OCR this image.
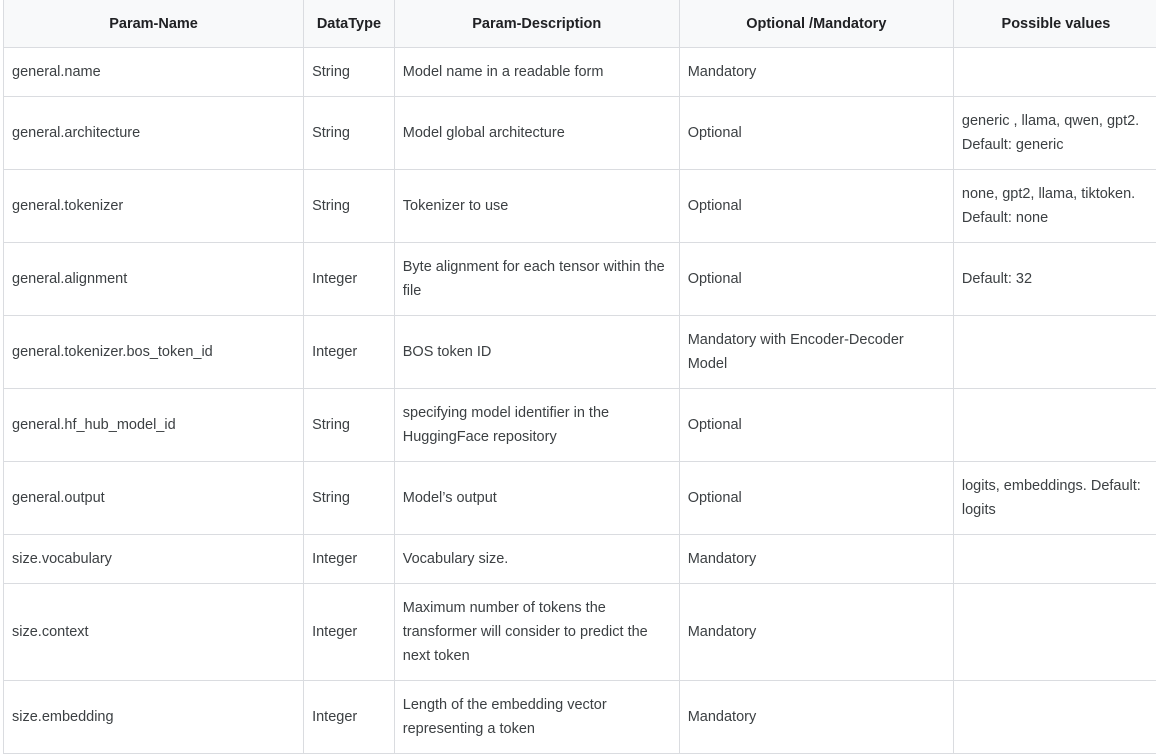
Param-Name	DataType	Param-Description	Optional /Mandatory	Possible values
general.name	String	Model name in a readable form	Mandatory	
general.architecture	String	Model global architecture	Optional	generic , llama, qwen, gpt2. Default: generic
general.tokenizer	String	Tokenizer to use	Optional	none, gpt2, llama, tiktoken. Default: none
general.alignment	Integer	Byte alignment for each tensor within the file	Optional	Default: 32
general.tokenizer.bos_token_id	Integer	BOS token ID	Mandatory with Encoder-Decoder Model	
general.hf_hub_model_id	String	specifying model identifier in the HuggingFace repository	Optional	
general.output	String	Model’s output	Optional	logits, embeddings. Default: logits
size.vocabulary	Integer	Vocabulary size.	Mandatory	
size.context	Integer	Maximum number of tokens the transformer will consider to predict the next token	Mandatory	
size.embedding	Integer	Length of the embedding vector representing a token	Mandatory	
